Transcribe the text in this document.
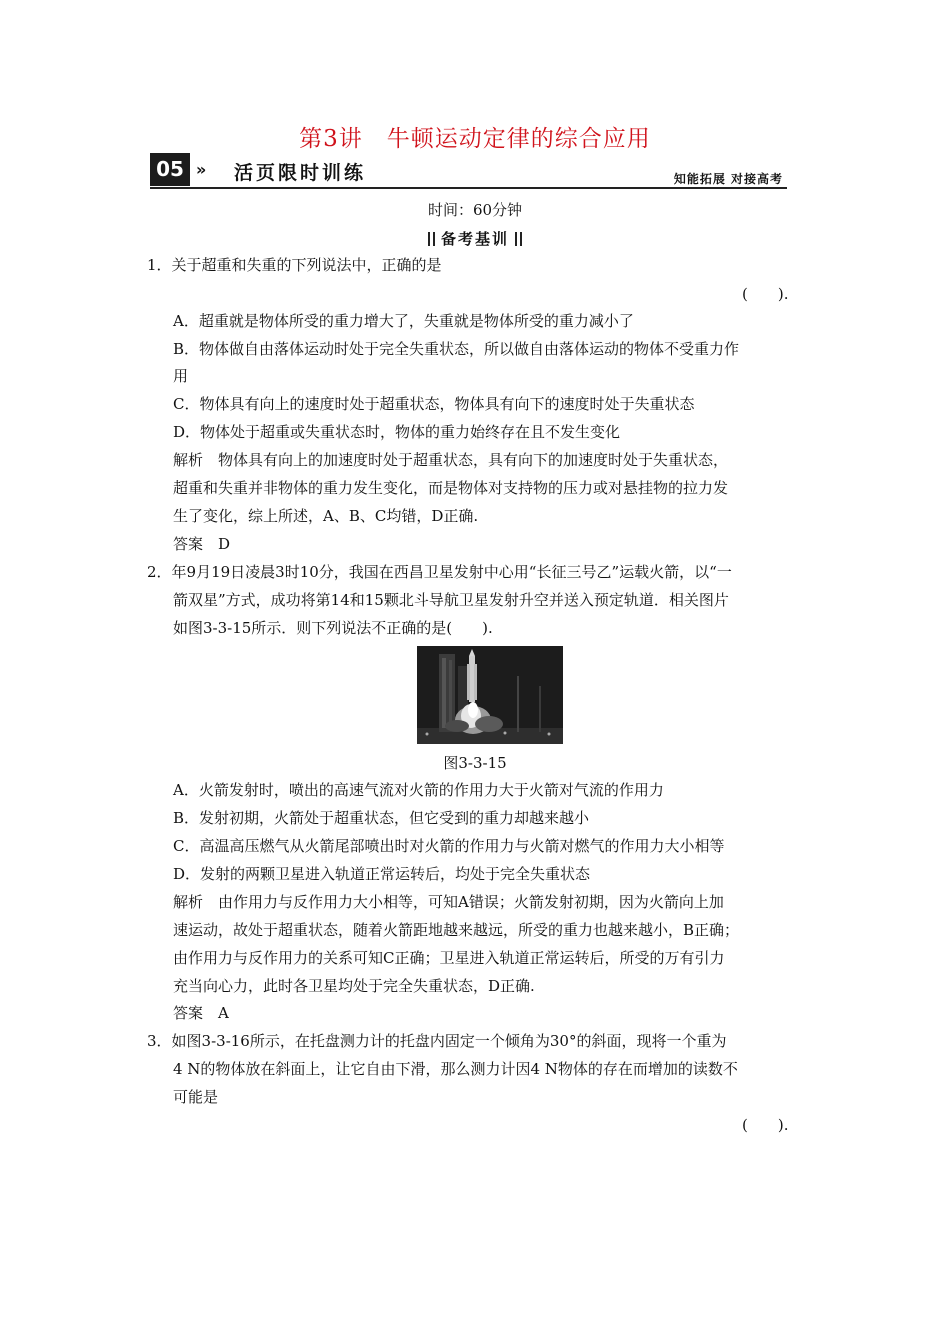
第3讲　牛顿运动定律的综合应用
05 » 活页限时训练	知能拓展 对接高考
时间：60分钟
备考基训
1．关于超重和失重的下列说法中，正确的是
(　　).
A．超重就是物体所受的重力增大了，失重就是物体所受的重力减小了
B．物体做自由落体运动时处于完全失重状态，所以做自由落体运动的物体不受重力作
用
C．物体具有向上的速度时处于超重状态，物体具有向下的速度时处于失重状态
D．物体处于超重或失重状态时，物体的重力始终存在且不发生变化
解析　物体具有向上的加速度时处于超重状态，具有向下的加速度时处于失重状态，
超重和失重并非物体的重力发生变化，而是物体对支持物的压力或对悬挂物的拉力发
生了变化，综上所述，A、B、C均错，D正确.
答案　D
2．年9月19日凌晨3时10分，我国在西昌卫星发射中心用“长征三号乙”运载火箭，以“一
箭双星”方式，成功将第14和15颗北斗导航卫星发射升空并送入预定轨道．相关图片
如图3-3-15所示．则下列说法不正确的是(　　).
图3-3-15
A．火箭发射时，喷出的高速气流对火箭的作用力大于火箭对气流的作用力
B．发射初期，火箭处于超重状态，但它受到的重力却越来越小
C．高温高压燃气从火箭尾部喷出时对火箭的作用力与火箭对燃气的作用力大小相等
D．发射的两颗卫星进入轨道正常运转后，均处于完全失重状态
解析　由作用力与反作用力大小相等，可知A错误；火箭发射初期，因为火箭向上加
速运动，故处于超重状态，随着火箭距地越来越远，所受的重力也越来越小，B正确；
由作用力与反作用力的关系可知C正确；卫星进入轨道正常运转后，所受的万有引力
充当向心力，此时各卫星均处于完全失重状态，D正确.
答案　A
3．如图3-3-16所示，在托盘测力计的托盘内固定一个倾角为30°的斜面，现将一个重为
4 N的物体放在斜面上，让它自由下滑，那么测力计因4 N物体的存在而增加的读数不
可能是
(　　).
